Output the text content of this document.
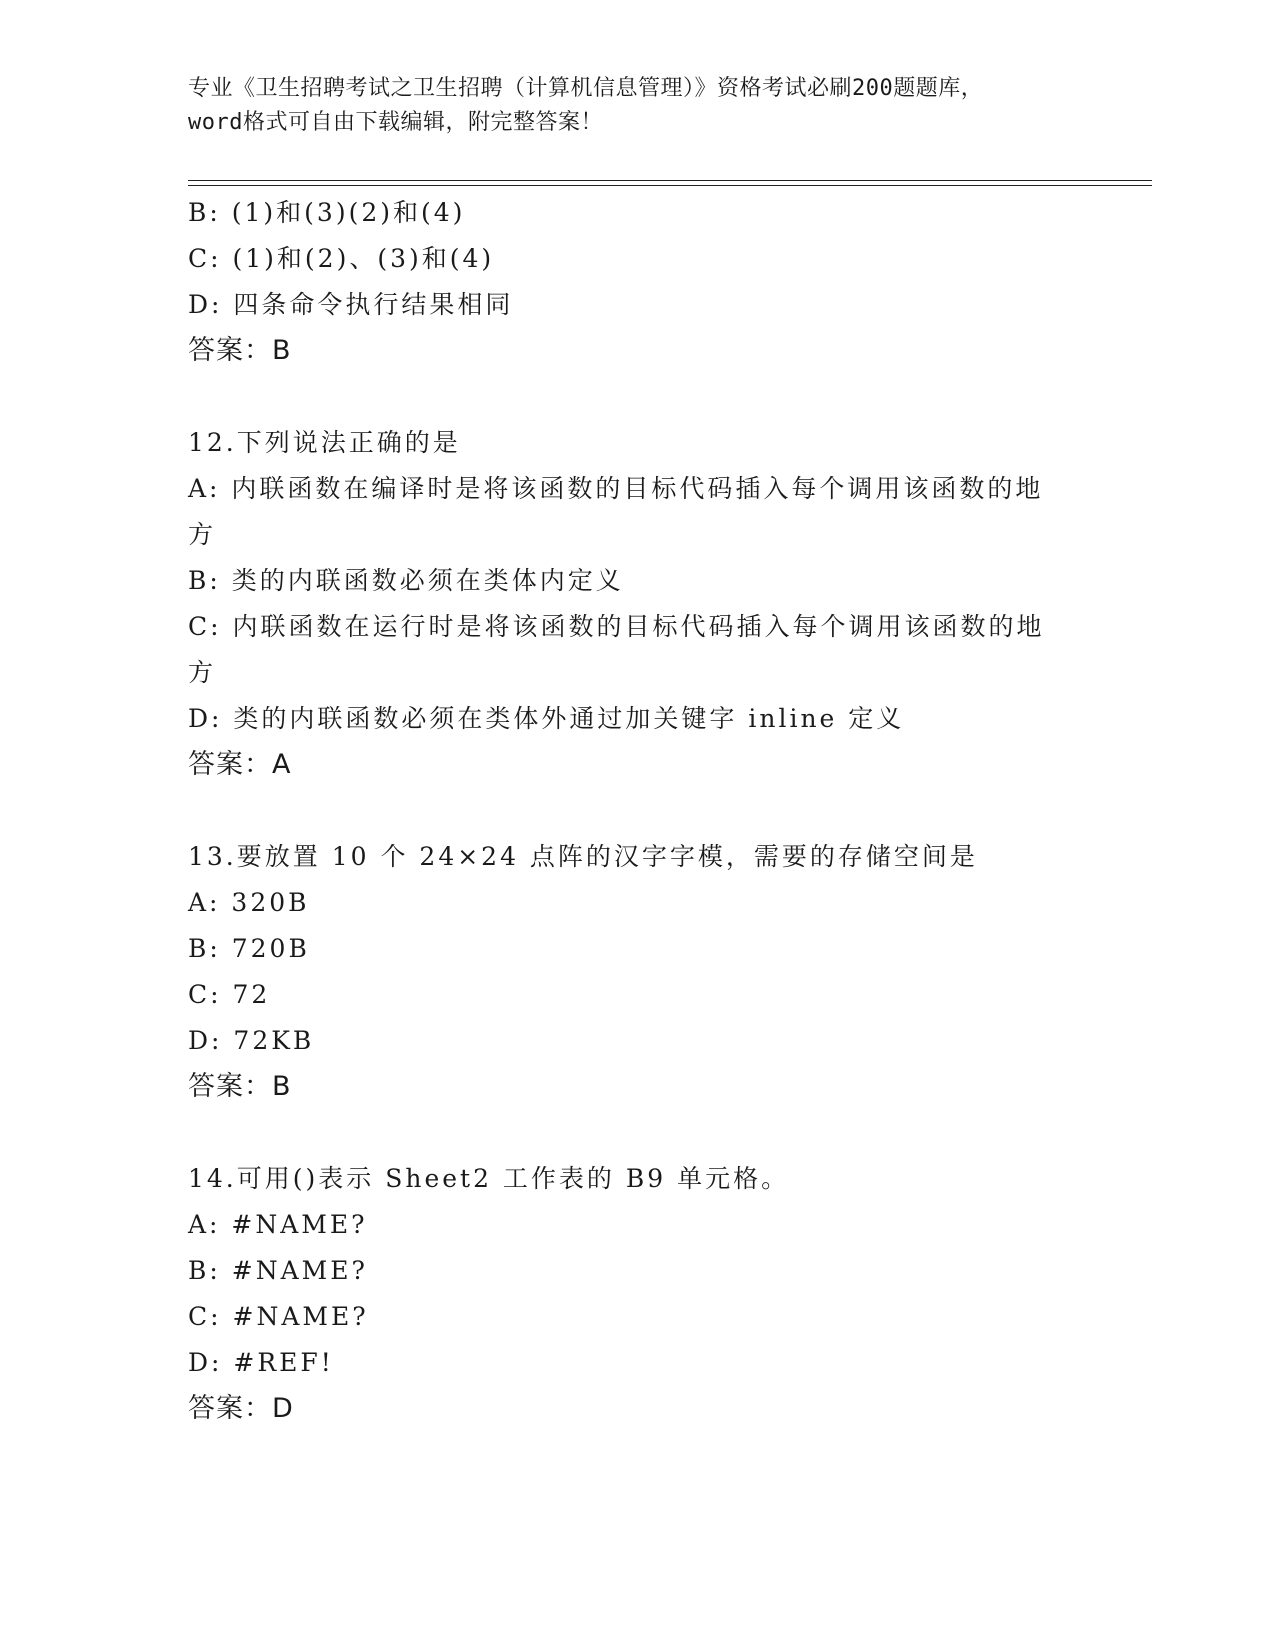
专业《卫生招聘考试之卫生招聘（计算机信息管理）》资格考试必刷200题题库，
word格式可自由下载编辑，附完整答案！
B: (1)和(3)(2)和(4)
C: (1)和(2)、(3)和(4)
D: 四条命令执行结果相同
答案：B
12.下列说法正确的是
A: 内联函数在编译时是将该函数的目标代码插入每个调用该函数的地
方
B: 类的内联函数必须在类体内定义
C: 内联函数在运行时是将该函数的目标代码插入每个调用该函数的地
方
D: 类的内联函数必须在类体外通过加关键字 inline 定义
答案：A
13.要放置 10 个 24×24 点阵的汉字字模，需要的存储空间是
A: 320B
B: 720B
C: 72
D: 72KB
答案：B
14.可用()表示 Sheet2 工作表的 B9 单元格。
A: #NAME?
B: #NAME?
C: #NAME?
D: #REF!
答案：D
